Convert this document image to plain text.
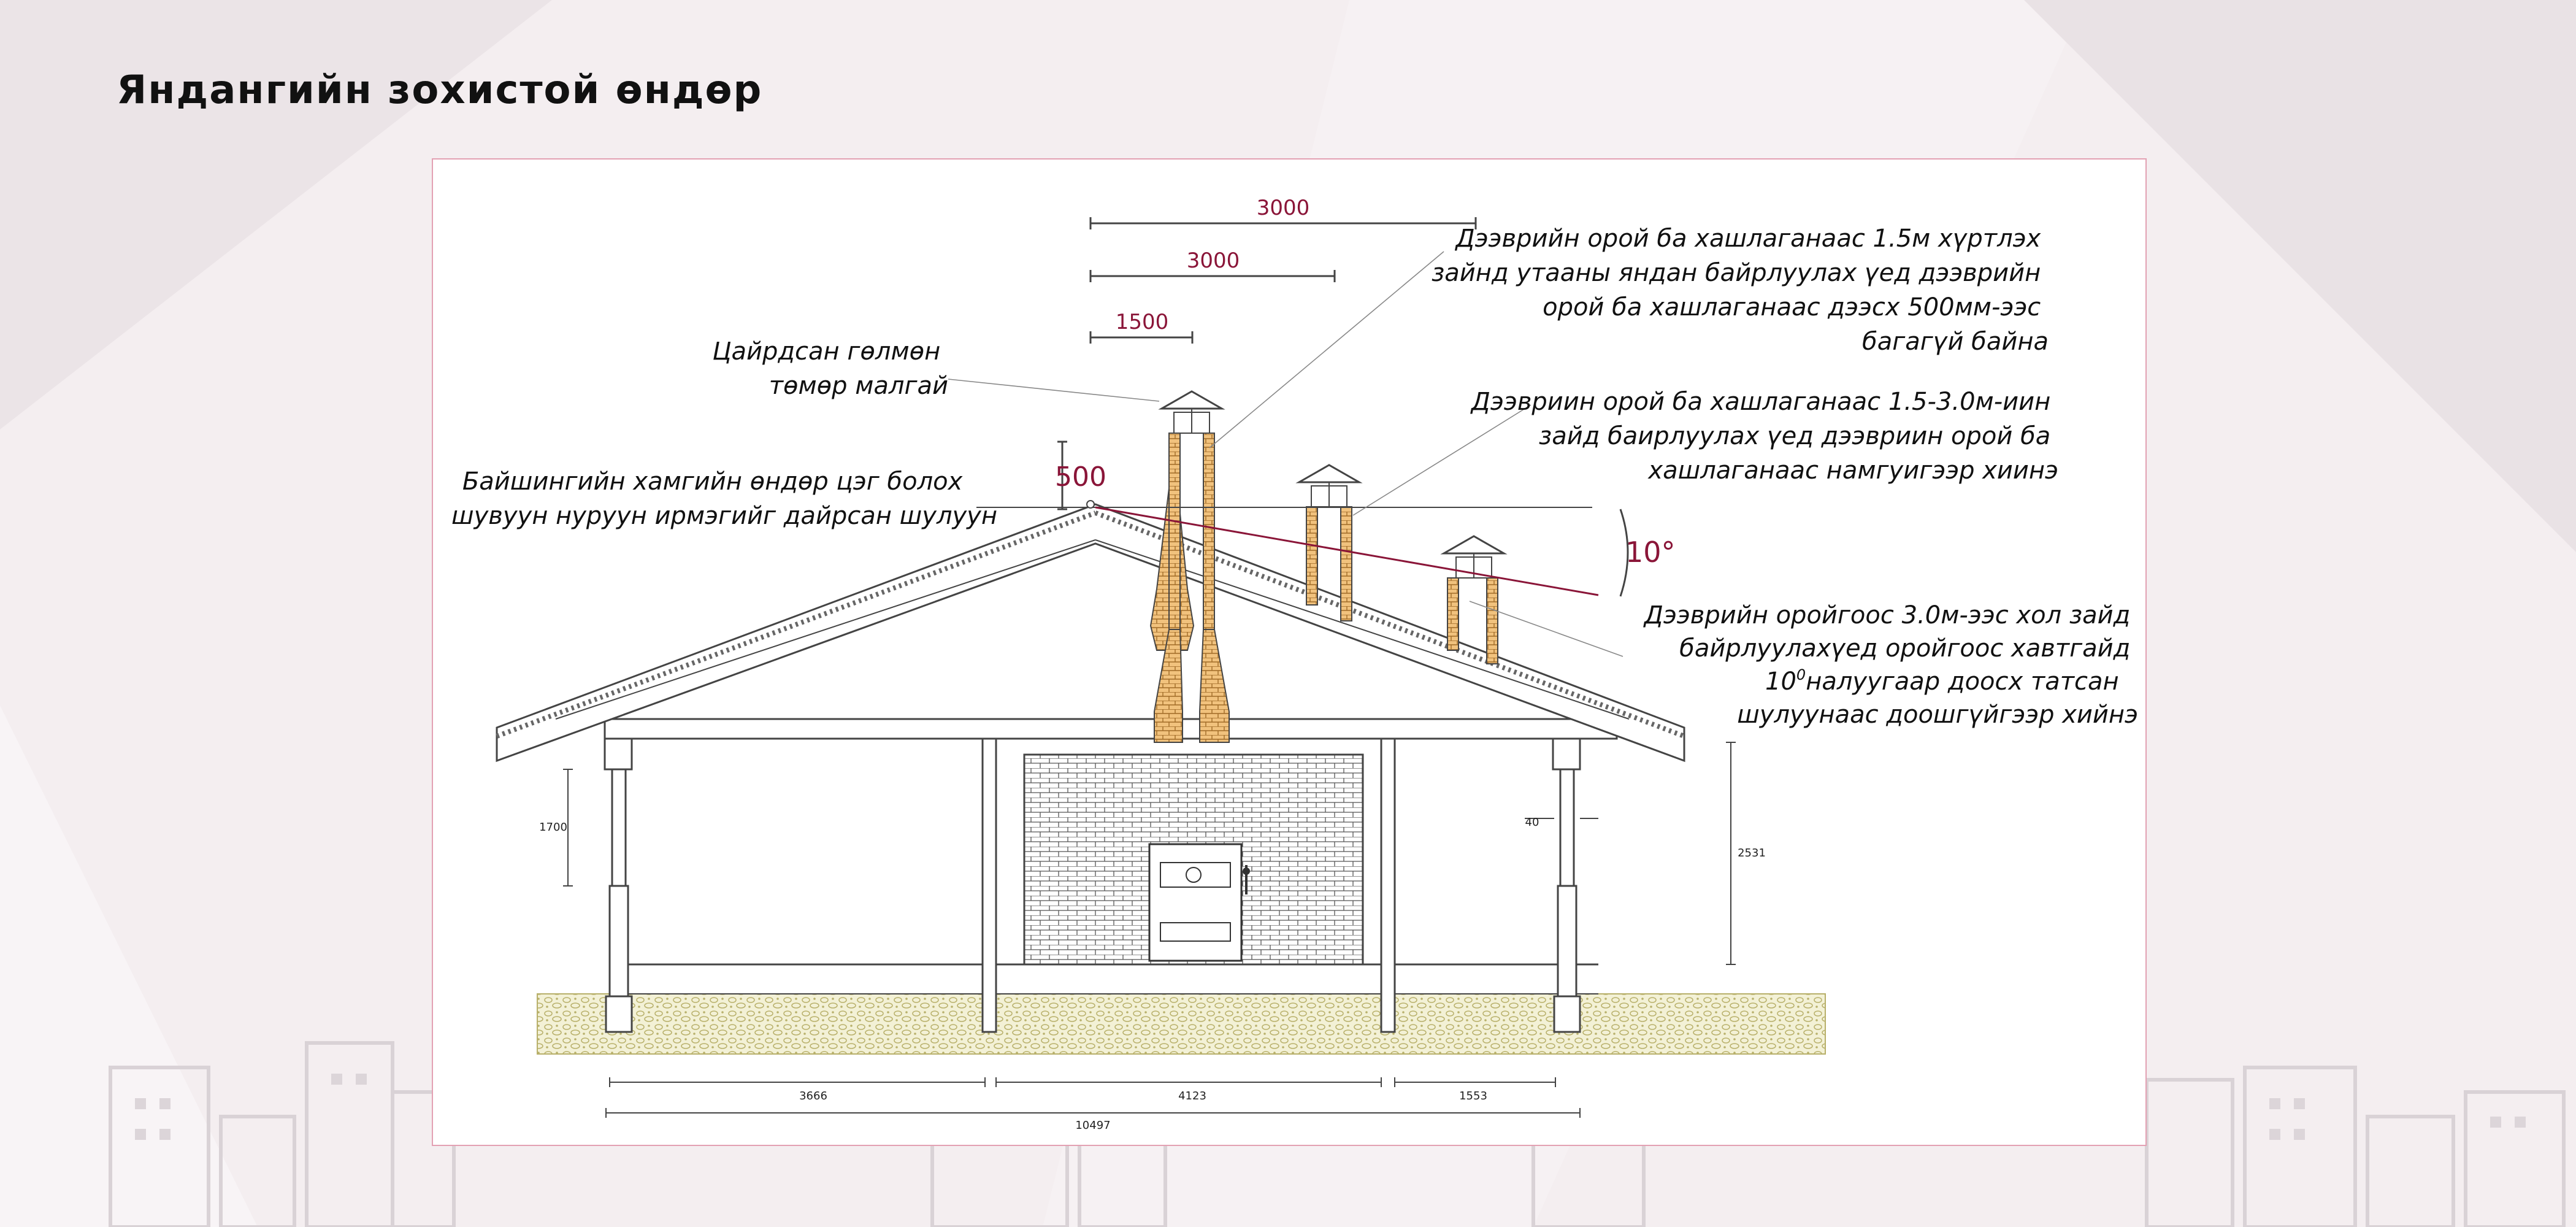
Яндангийн зохистой өндөр
3000
3000
1500
500
10°
1700	40
2531
3666	4123	1553
10497
Цайрдсан гөлмөн төмөр малгай
Байшингийн хамгийн өндөр цэг болох шувуун нуруун ирмэгийг дайрсан шулуун
Дээврийн орой ба хашлаганаас 1.5м хүртлэх зайнд утааны яндан байрлуулах үед дээврийн орой ба хашлаганаас дээсх 500мм-ээс багагүй байна
Дээвриин орой ба хашлаганаас 1.5-3.0м-иин зайд баирлуулах үед дээвриин орой ба хашлаганаас намгуигээр хиинэ
Дээврийн оройгоос 3.0м-ээс хол зайд байрлуулахүед оройгоос хавтгайд $10^0налуугаар$ доосх татсан шулуунаас доошгүйгээр хийнэ
